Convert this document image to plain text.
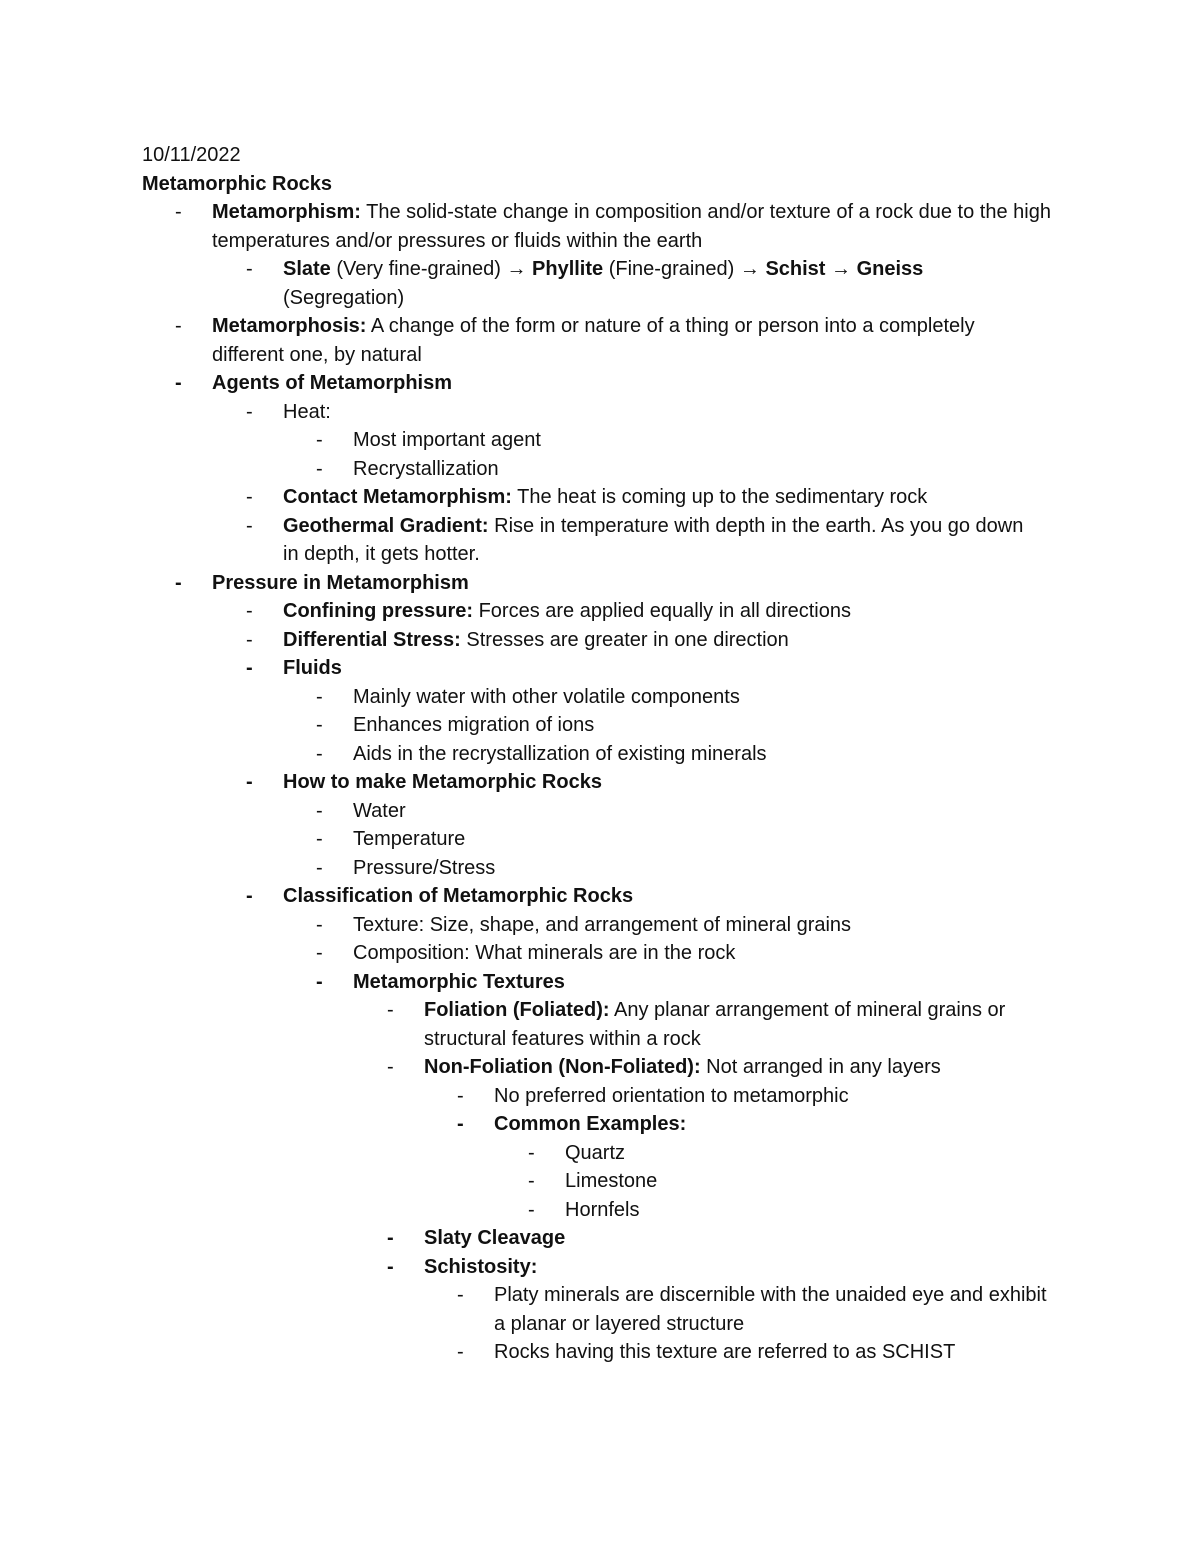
10/11/2022
Metamorphic Rocks
-	Metamorphism: The solid-state change in composition and/or texture of a rock due to the high temperatures and/or pressures or fluids within the earth
-	Slate (Very fine-grained) → Phyllite (Fine-grained) → Schist → Gneiss (Segregation)
-	Metamorphosis: A change of the form or nature of a thing or person into a completely different one, by natural
-	Agents of Metamorphism
-	Heat:
-	Most important agent
-	Recrystallization
-	Contact Metamorphism: The heat is coming up to the sedimentary rock
-	Geothermal Gradient: Rise in temperature with depth in the earth. As you go down in depth, it gets hotter.
-	Pressure in Metamorphism
-	Confining pressure: Forces are applied equally in all directions
-	Differential Stress: Stresses are greater in one direction
-	Fluids
-	Mainly water with other volatile components
-	Enhances migration of ions
-	Aids in the recrystallization of existing minerals
-	How to make Metamorphic Rocks
-	Water
-	Temperature
-	Pressure/Stress
-	Classification of Metamorphic Rocks
-	Texture: Size, shape, and arrangement of mineral grains
-	Composition: What minerals are in the rock
-	Metamorphic Textures
-	Foliation (Foliated): Any planar arrangement of mineral grains or structural features within a rock
-	Non-Foliation (Non-Foliated): Not arranged in any layers
-	No preferred orientation to metamorphic
-	Common Examples:
-	Quartz
-	Limestone
-	Hornfels
-	Slaty Cleavage
-	Schistosity:
-	Platy minerals are discernible with the unaided eye and exhibit a planar or layered structure
-	Rocks having this texture are referred to as SCHIST
